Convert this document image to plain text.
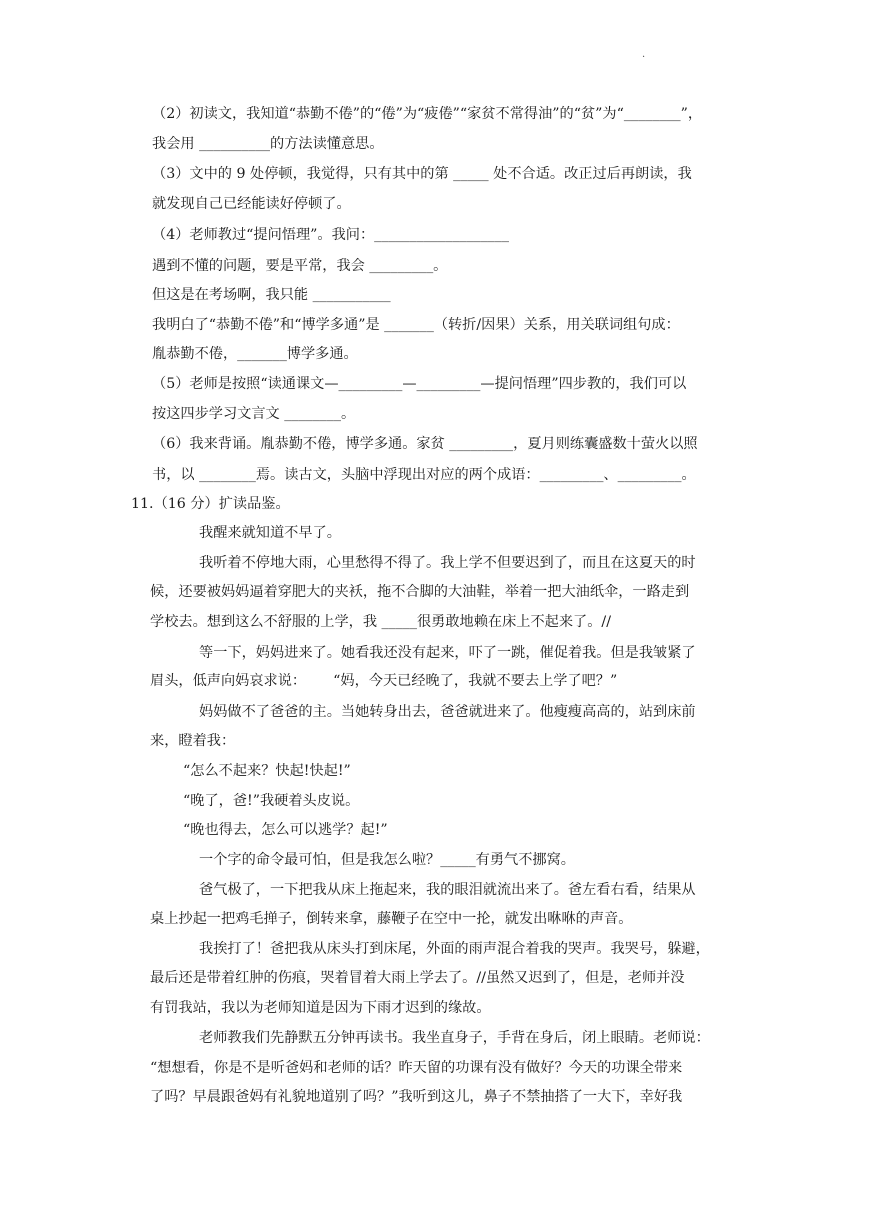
·
（2）初读文，我知道“恭勤不倦”的“倦”为“疲倦”“家贫不常得油”的“贫”为“________”，
我会用 __________的方法读懂意思。
（3）文中的 9 处停顿，我觉得，只有其中的第 _____ 处不合适。改正过后再朗读，我
就发现自己已经能读好停顿了。
（4）老师教过“提问悟理”。我问：___________________
遇到不懂的问题，要是平常，我会 _________。
但这是在考场啊，我只能 ___________
我明白了“恭勤不倦”和“博学多通”是 _______（转折/因果）关系，用关联词组句成：
胤恭勤不倦，_______博学多通。
（5）老师是按照“读通课文—_________—_________—提问悟理”四步教的，我们可以
按这四步学习文言文 ________。
（6）我来背诵。胤恭勤不倦，博学多通。家贫 _________，夏月则练囊盛数十萤火以照
书，以 ________焉。读古文，头脑中浮现出对应的两个成语：_________、_________。
11.（16 分）扩读品鉴。
我醒来就知道不早了。
我听着不停地大雨，心里愁得不得了。我上学不但要迟到了，而且在这夏天的时
候，还要被妈妈逼着穿肥大的夹袄，拖不合脚的大油鞋，举着一把大油纸伞，一路走到
学校去。想到这么不舒服的上学，我 _____很勇敢地赖在床上不起来了。//
等一下，妈妈进来了。她看我还没有起来，吓了一跳，催促着我。但是我皱紧了
眉头，低声向妈哀求说：      “妈，今天已经晚了，我就不要去上学了吧？”
妈妈做不了爸爸的主。当她转身出去，爸爸就进来了。他瘦瘦高高的，站到床前
来，瞪着我：
“怎么不起来？快起!快起!”
“晚了，爸!”我硬着头皮说。
“晚也得去，怎么可以逃学？起!”
一个字的命令最可怕，但是我怎么啦？_____有勇气不挪窝。
爸气极了，一下把我从床上拖起来，我的眼泪就流出来了。爸左看右看，结果从
桌上抄起一把鸡毛掸子，倒转来拿，藤鞭子在空中一抡，就发出咻咻的声音。
我挨打了！爸把我从床头打到床尾，外面的雨声混合着我的哭声。我哭号，躲避，
最后还是带着红肿的伤痕，哭着冒着大雨上学去了。//虽然又迟到了，但是，老师并没
有罚我站，我以为老师知道是因为下雨才迟到的缘故。
老师教我们先静默五分钟再读书。我坐直身子，手背在身后，闭上眼睛。老师说：
“想想看，你是不是听爸妈和老师的话？昨天留的功课有没有做好？今天的功课全带来
了吗？早晨跟爸妈有礼貌地道别了吗？”我听到这儿，鼻子不禁抽搭了一大下，幸好我
